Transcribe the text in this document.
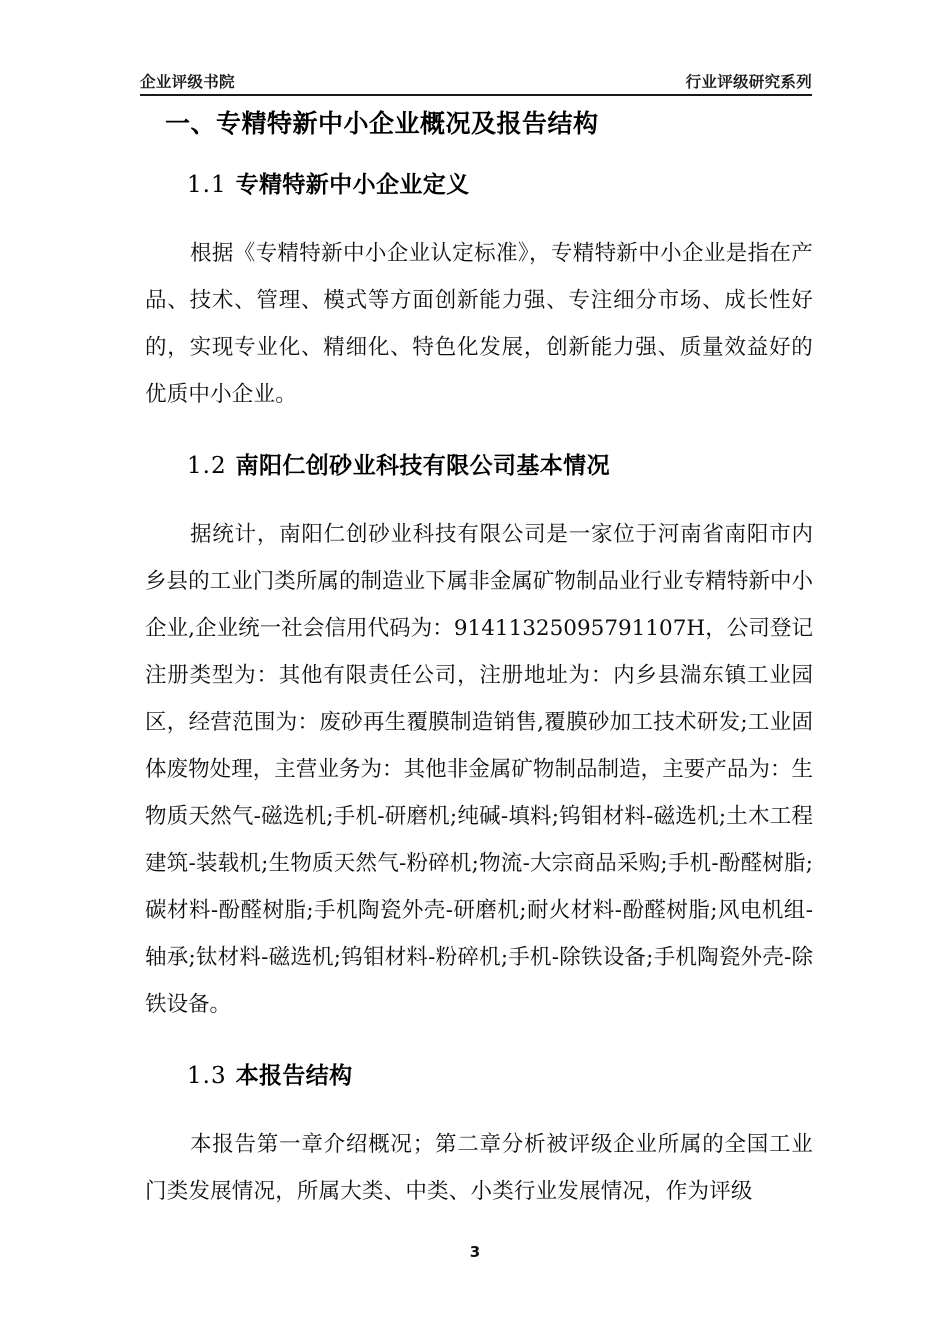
企业评级书院	行业评级研究系列
一、专精特新中小企业概况及报告结构
1.1 专精特新中小企业定义

根据《专精特新中小企业认定标准》，专精特新中小企业是指在产品、技术、管理、模式等方面创新能力强、专注细分市场、成长性好的，实现专业化、精细化、特色化发展，创新能力强、质量效益好的优质中小企业。

1.2 南阳仁创砂业科技有限公司基本情况

据统计，南阳仁创砂业科技有限公司是一家位于河南省南阳市内乡县的工业门类所属的制造业下属非金属矿物制品业行业专精特新中小企业,企业统一社会信用代码为：91411325095791107H，公司登记注册类型为：其他有限责任公司，注册地址为：内乡县湍东镇工业园区，经营范围为：废砂再生覆膜制造销售,覆膜砂加工技术研发;工业固体废物处理，主营业务为：其他非金属矿物制品制造，主要产品为：生物质天然气-磁选机;手机-研磨机;纯碱-填料;钨钼材料-磁选机;土木工程建筑-装载机;生物质天然气-粉碎机;物流-大宗商品采购;手机-酚醛树脂;碳材料-酚醛树脂;手机陶瓷外壳-研磨机;耐火材料-酚醛树脂;风电机组-轴承;钛材料-磁选机;钨钼材料-粉碎机;手机-除铁设备;手机陶瓷外壳-除铁设备。

1.3 本报告结构

本报告第一章介绍概况；第二章分析被评级企业所属的全国工业门类发展情况，所属大类、中类、小类行业发展情况，作为评级

3
